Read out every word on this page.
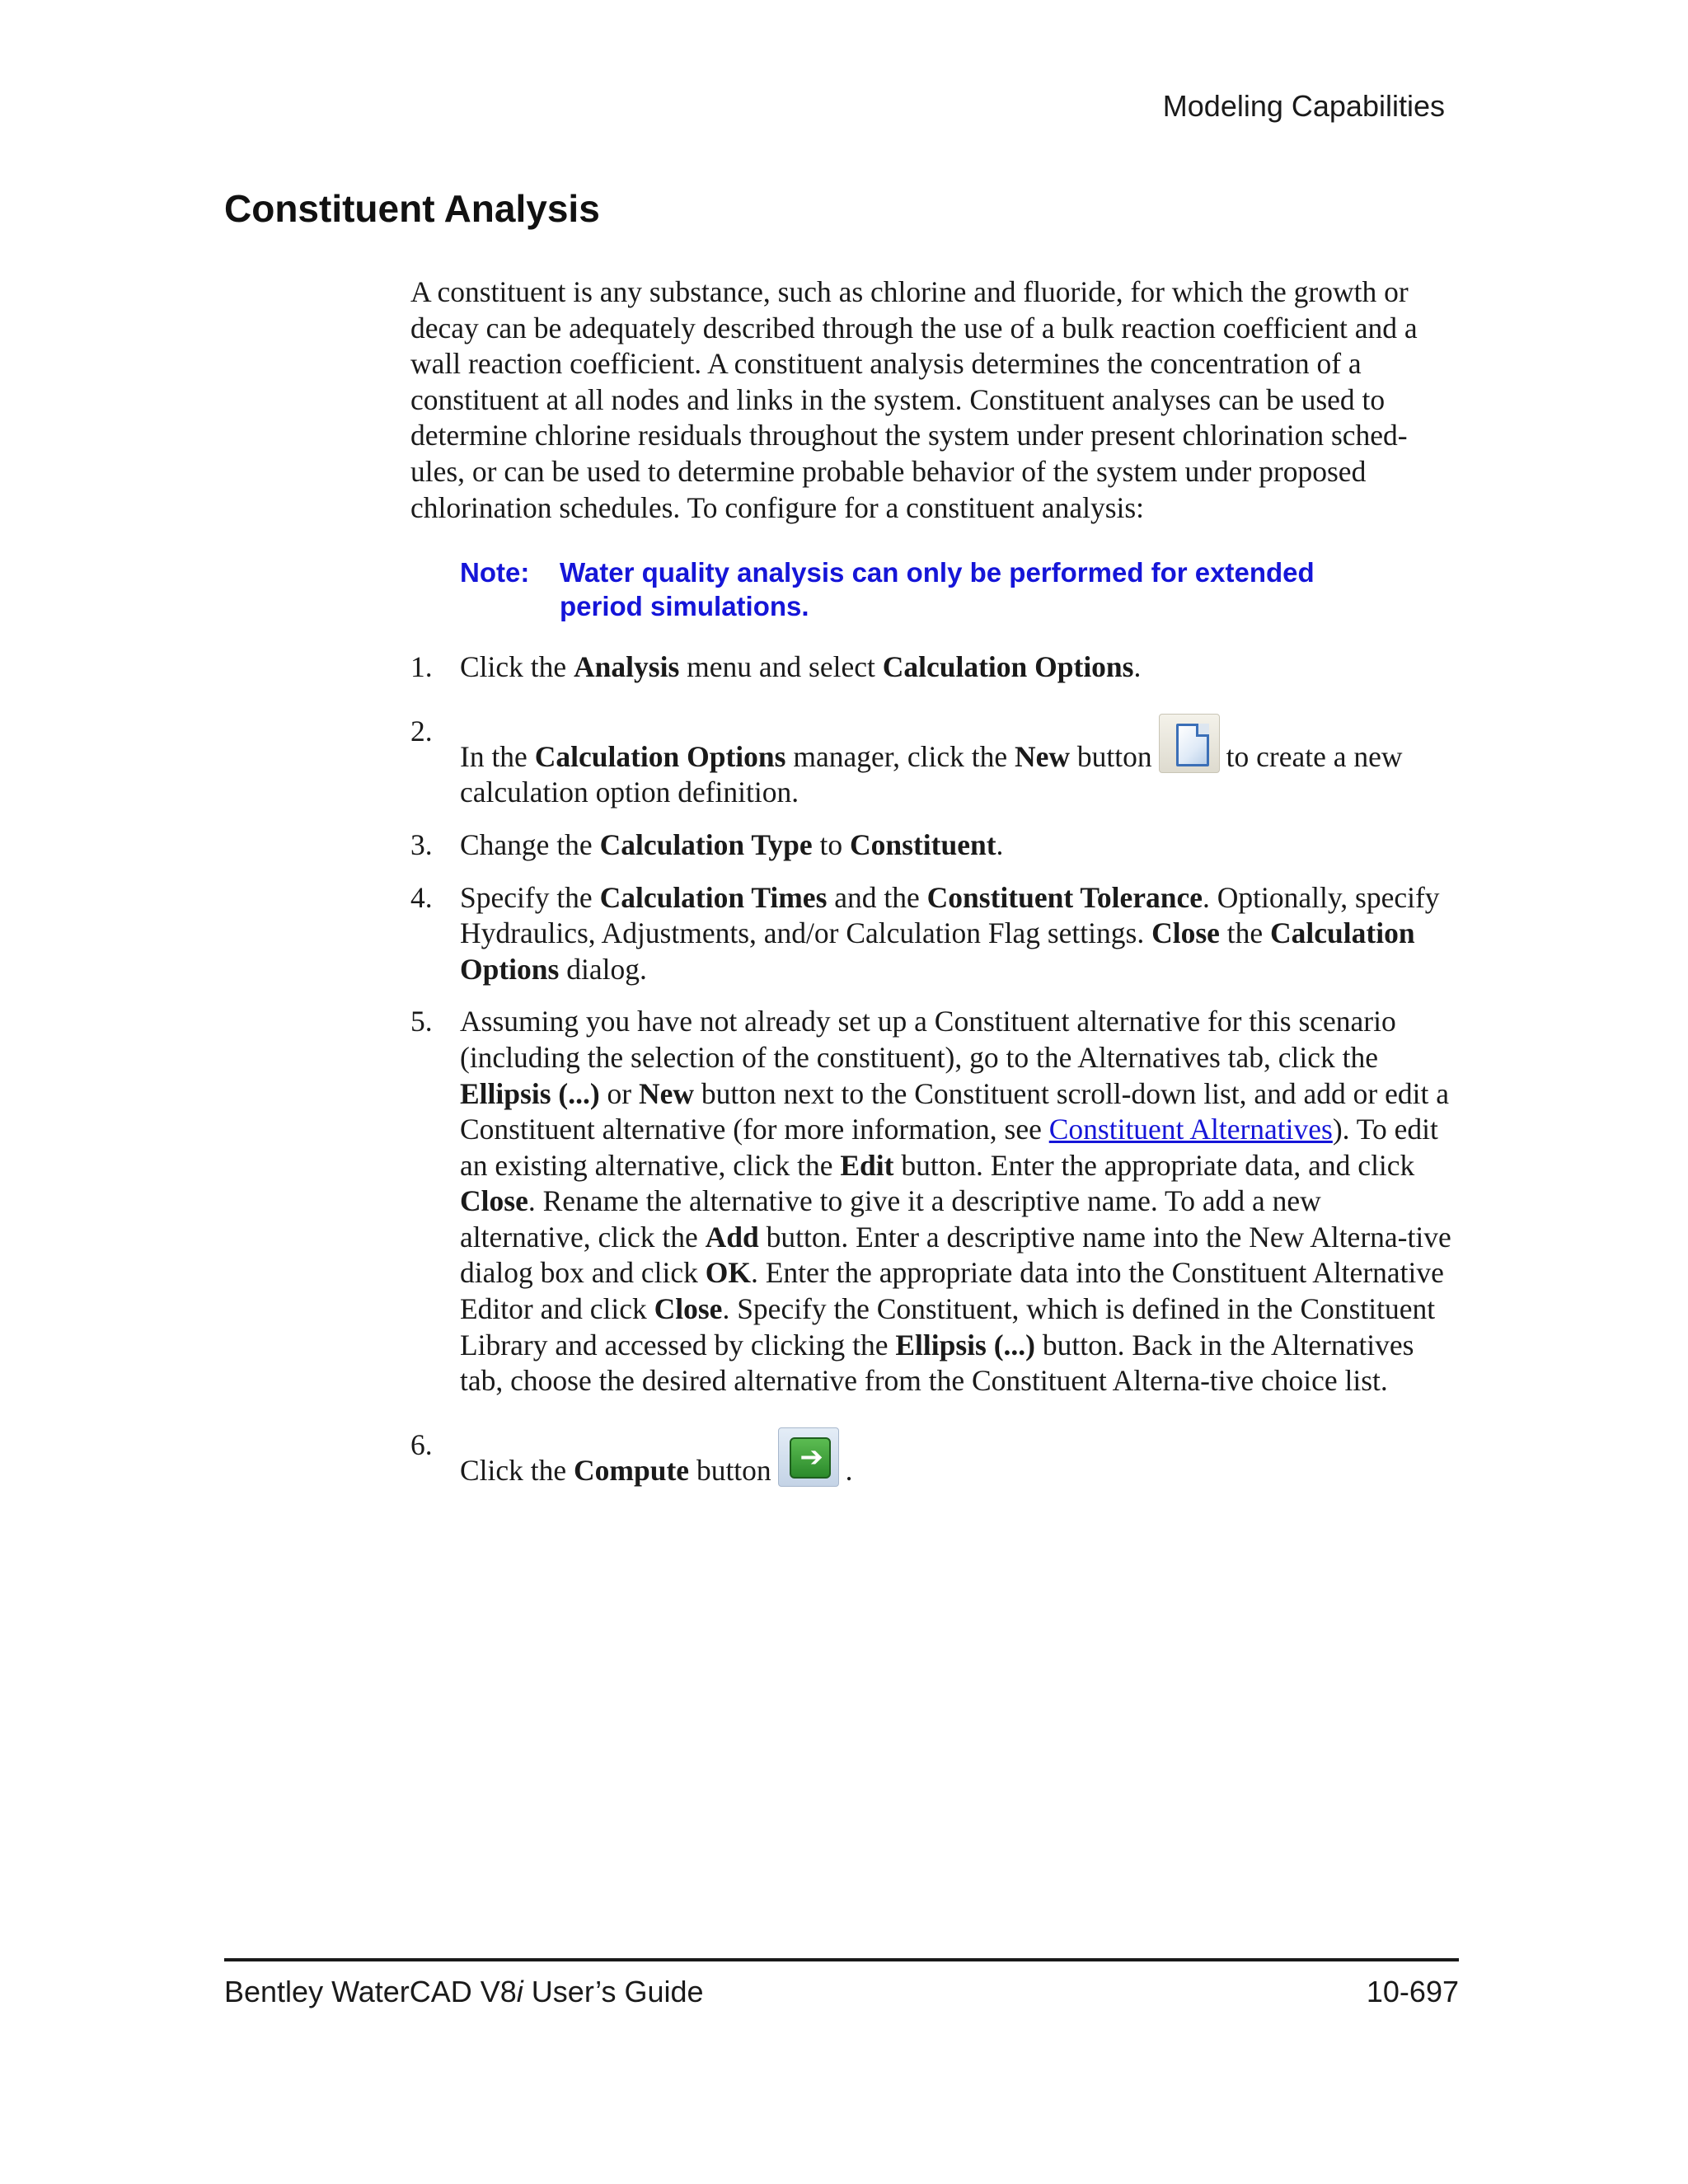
Modeling Capabilities
Constituent Analysis

A constituent is any substance, such as chlorine and fluoride, for which the growth or decay can be adequately described through the use of a bulk reaction coefficient and a wall reaction coefficient. A constituent analysis determines the concentration of a constituent at all nodes and links in the system. Constituent analyses can be used to determine chlorine residuals throughout the system under present chlorination sched-ules, or can be used to determine probable behavior of the system under proposed chlorination schedules. To configure for a constituent analysis:

Note:	Water quality analysis can only be performed for extended period simulations.
1. Click the Analysis menu and select Calculation Options.
2.
In the Calculation Options manager, click the New button	to create a new calculation option definition.
3. Change the Calculation Type to Constituent.
4. Specify the Calculation Times and the Constituent Tolerance. Optionally, specify Hydraulics, Adjustments, and/or Calculation Flag settings. Close the Calculation Options dialog.
5. Assuming you have not already set up a Constituent alternative for this scenario (including the selection of the constituent), go to the Alternatives tab, click the Ellipsis (...) or New button next to the Constituent scroll-down list, and add or edit a Constituent alternative (for more information, see Constituent Alternatives). To edit an existing alternative, click the Edit button. Enter the appropriate data, and click Close. Rename the alternative to give it a descriptive name. To add a new alternative, click the Add button. Enter a descriptive name into the New Alterna-tive dialog box and click OK. Enter the appropriate data into the Constituent Alternative Editor and click Close. Specify the Constituent, which is defined in the Constituent Library and accessed by clicking the Ellipsis (...) button. Back in the Alternatives tab, choose the desired alternative from the Constituent Alterna-tive choice list.
6.
Click the Compute button➔	.
Bentley WaterCAD V8i User’s Guide	10-697
